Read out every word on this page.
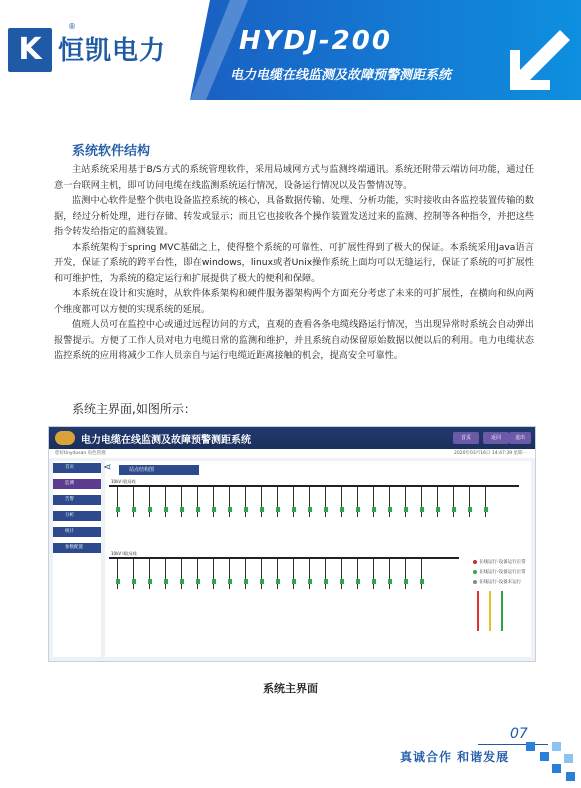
K
®
恒凯电力	HYDJ-200
电力电缆在线监测及故障预警测距系统
系统软件结构

主站系统采用基于B/S方式的系统管理软件，采用局域网方式与监测终端通讯。系统还附带云端访问功能，通过任意一台联网主机，即可访问电缆在线监测系统运行情况，设备运行情况以及告警情况等。

监测中心软件是整个供电设备监控系统的核心，具备数据传输、处理、分析功能，实时接收由各监控装置传输的数据，经过分析处理，进行存储、转发或显示；而且它也接收各个操作装置发送过来的监测、控制等各种指令，并把这些指令转发给指定的监测装置。

本系统架构于spring MVC基础之上，使得整个系统的可靠性、可扩展性得到了极大的保证。本系统采用Java语言开发，保证了系统的跨平台性，即在windows，linux或者Unix操作系统上面均可以无缝运行，保证了系统的可扩展性和可维护性，为系统的稳定运行和扩展提供了极大的便利和保障。

本系统在设计和实施时，从软件体系架构和硬件服务器架构两个方面充分考虑了未来的可扩展性，在横向和纵向两个维度都可以方便的实现系统的延展。

值班人员可在监控中心或通过远程访问的方式，直观的查看各条电缆线路运行情况，当出现异常时系统会自动弹出报警提示。方便了工作人员对电力电缆日常的监测和维护，并且系统自动保留原始数据以便以后的利用。电力电缆状态监控系统的应用将减少工作人员亲自与运行电缆近距离接触的机会，提高安全可靠性。

系统主界面,如图所示：
电力电缆在线监测及故障预警测距系统	首页	返回	退出
您好tinydusan 角色管理	2020年03月16日 14:47:39 星期一
首页
监测
告警
分析
统计
参数配置
⋖	站点结构图
10kV I段母线
10kV II段母线
在线运行-设备运行正常
在线运行-设备运行正常
在线运行-设备未运行
系统主界面
07
真诚合作 和谐发展
